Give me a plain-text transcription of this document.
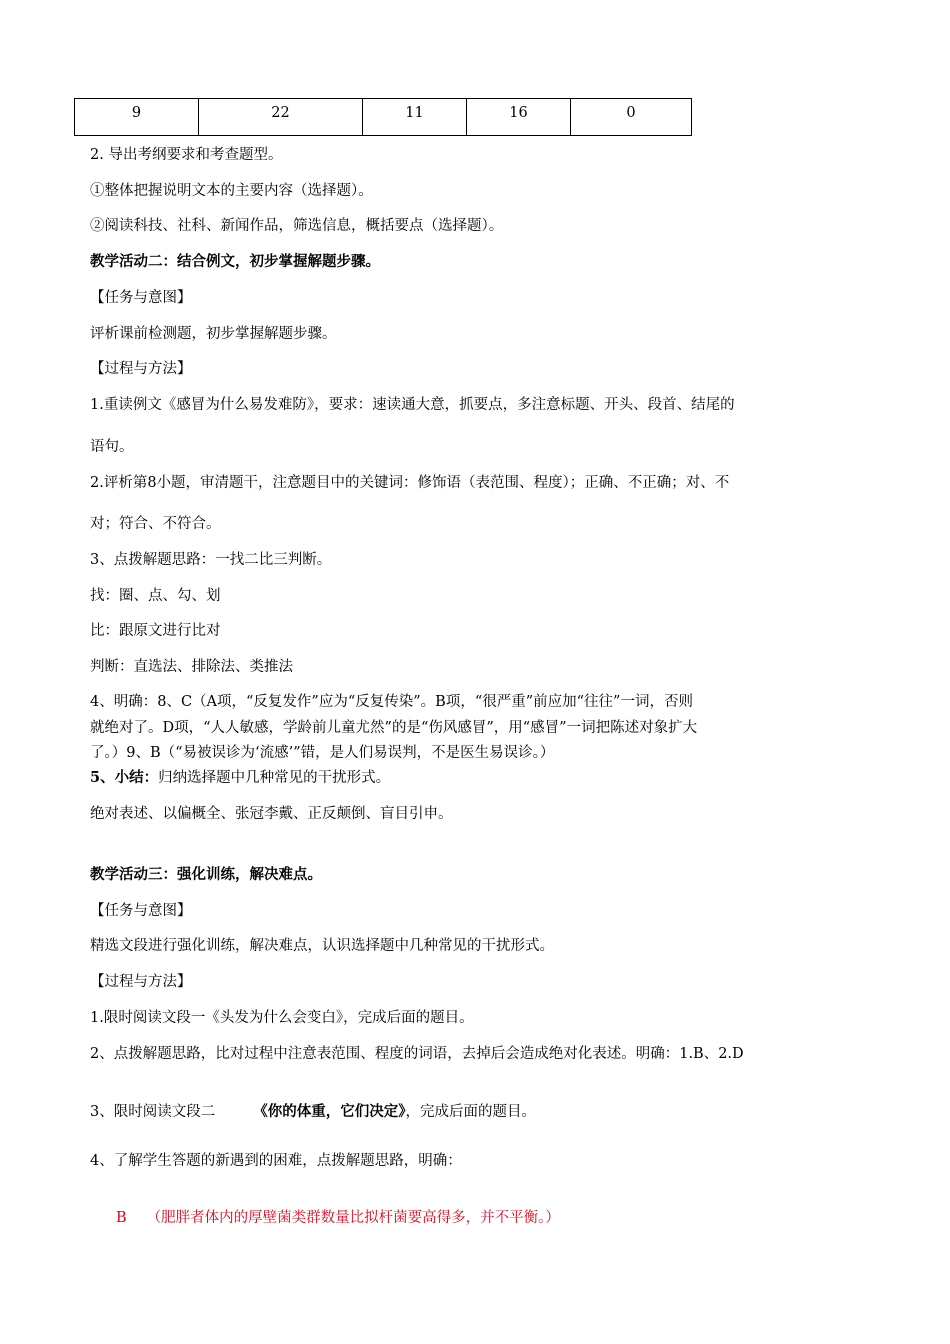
9	22	11	16	0
2. 导出考纲要求和考查题型。
①整体把握说明文本的主要内容（选择题）。
②阅读科技、社科、新闻作品，筛选信息，概括要点（选择题）。
教学活动二：结合例文，初步掌握解题步骤。
【任务与意图】
评析课前检测题，初步掌握解题步骤。
【过程与方法】
1.重读例文《感冒为什么易发难防》，要求：速读通大意，抓要点，多注意标题、开头、段首、结尾的
语句。
2.评析第8小题，审清题干，注意题目中的关键词：修饰语（表范围、程度）；正确、不正确；对、不
对；符合、不符合。
3、点拨解题思路：一找二比三判断。
找：圈、点、勾、划
比：跟原文进行比对
判断：直选法、排除法、类推法
4、明确：8、C（A项，“反复发作”应为“反复传染”。B项，“很严重”前应加“往往”一词，否则
就绝对了。D项，“人人敏感，学龄前儿童尤然”的是“伤风感冒”，用“感冒”一词把陈述对象扩大
了。）9、B（“易被误诊为‘流感’”错，是人们易误判，不是医生易误诊。）
5、小结：归纳选择题中几种常见的干扰形式。
绝对表述、以偏概全、张冠李戴、正反颠倒、盲目引申。
教学活动三：强化训练，解决难点。
【任务与意图】
精选文段进行强化训练，解决难点，认识选择题中几种常见的干扰形式。
【过程与方法】
1.限时阅读文段一《头发为什么会变白》，完成后面的题目。
2、点拨解题思路，比对过程中注意表范围、程度的词语，去掉后会造成绝对化表述。明确：1.B、2.D
3、限时阅读文段二	《你的体重，它们决定》，完成后面的题目。
4、了解学生答题的新遇到的困难，点拨解题思路，明确：
B （肥胖者体内的厚壁菌类群数量比拟杆菌要高得多，并不平衡。）
